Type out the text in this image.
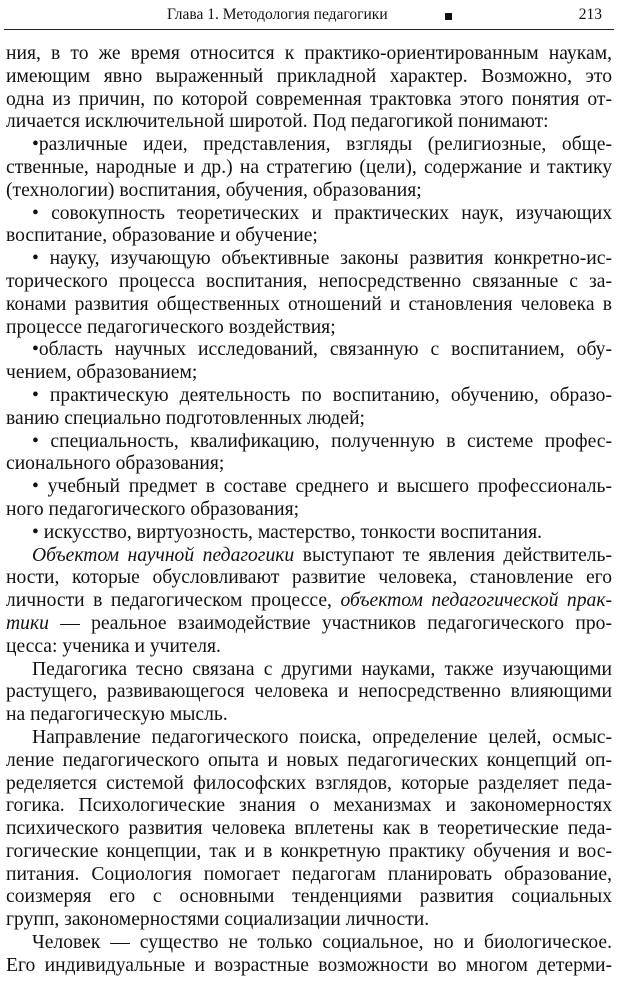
Глава 1. Методология педагогики	213
ния, в то же время относится к практико-ориентированным наукам,
имеющим явно выраженный прикладной характер. Возможно, это
одна из причин, по которой современная трактовка этого понятия от-
личается исключительной широтой. Под педагогикой понимают:
•различные идеи, представления, взгляды (религиозные, обще-
ственные, народные и др.) на стратегию (цели), содержание и тактику
(технологии) воспитания, обучения, образования;
• совокупность теоретических и практических наук, изучающих
воспитание, образование и обучение;
• науку, изучающую объективные законы развития конкретно-ис-
торического процесса воспитания, непосредственно связанные с за-
конами развития общественных отношений и становления человека в
процессе педагогического воздействия;
•область научных исследований, связанную с воспитанием, обу-
чением, образованием;
• практическую деятельность по воспитанию, обучению, образо-
ванию специально подготовленных людей;
• специальность, квалификацию, полученную в системе профес-
сионального образования;
• учебный предмет в составе среднего и высшего профессиональ-
ного педагогического образования;
• искусство, виртуозность, мастерство, тонкости воспитания.
Объектом научной педагогики выступают те явления действитель-
ности, которые обусловливают развитие человека, становление его
личности в педагогическом процессе, объектом педагогической прак-
тики — реальное взаимодействие участников педагогического про-
цесса: ученика и учителя.
Педагогика тесно связана с другими науками, также изучающими
растущего, развивающегося человека и непосредственно влияющими
на педагогическую мысль.
Направление педагогического поиска, определение целей, осмыс-
ление педагогического опыта и новых педагогических концепций оп-
ределяется системой философских взглядов, которые разделяет педа-
гогика. Психологические знания о механизмах и закономерностях
психического развития человека вплетены как в теоретические педа-
гогические концепции, так и в конкретную практику обучения и вос-
питания. Социология помогает педагогам планировать образование,
соизмеряя его с основными тенденциями развития социальных
групп, закономерностями социализации личности.
Человек — существо не только социальное, но и биологическое.
Его индивидуальные и возрастные возможности во многом детерми-
